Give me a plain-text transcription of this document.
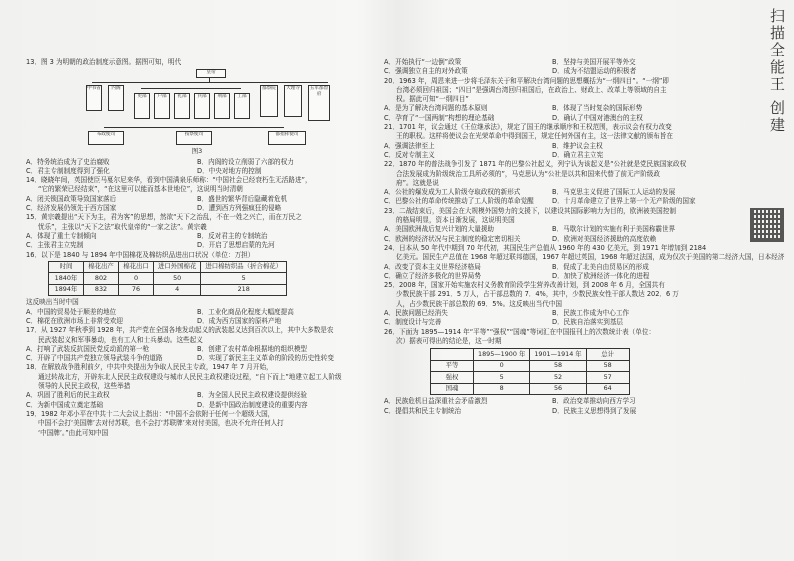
13．图 3 为明朝的政治制度示意图。据图可知，明代
皇帝
中书省	内阁
吏部	户部	礼部	兵部	刑部	工部
都察院	大理寺	五军都督府
布政使司	按察使司	都指挥使司
图3
A．特务统治成为了史治腐败	B．内阁的设立削弱了六部的权力
C．君主专制制度得到了强化	D．中央对地方的控制
14．晓晓年间，英国使臣马戛尔尼来华，看到中国满泉乐师称：“中国社会已经衰朽生无活路进”，
“它的繁荣已经结束”，“在这里可以能而基本世地位”，这说明当时清朝
A．闭关锁国政策导致国家落后	B．盛世的繁华背后隐藏着危机
C．经济发展仍领先于西方国家	D．遭到西方列强疯狂的侵略
15．黄宗羲提出“天下为主，君为客”的思想，然欲“天下之治乱，不在一姓之兴亡，而在万民之
忧乐”，主张以“天下之法”取代皇帝的“一家之法”。黄宗羲
A．体现了重土专制倾向	B．反对君主的专制统治
C．主张君主立宪制	D．开启了思想启蒙的先河
16．以下是 1840 与 1894 年中国棉花及棉纺织品进出口状况（单位：万担）
时间	棉花出产	棉花出口	进口外国棉花	进口棉纺织品（折合棉花）
1840年	802	0	50	5
1894年	832	76	4	218
这反映出当时中国
A．中国的贸易处于顺差的地位	B．工业化商品化程度大幅度提高
C．棉花在欧洲市场上非常受欢迎	D．成为西方国家的原料产地
17．从 1927 年秋季到 1928 年，共产党在全国各地发动起义的武装起义达到百次以上，其中大多数是农
民武装起义和军事暴动，也有工人和士兵暴动。这些起义
A．打响了武装反抗国民党反动派的第一枪	B．创建了农村革命根据地的组织模型
C．开辟了中国共产党独立领导武装斗争的道路	D．实现了新民主主义革命的阶段的历史性转变
18．在解放战争胜利前夕，中共中央提出为争取人民民主专政，1947 年 7 月开始，
通过转战北方，开辟东北人民民主政权建设与城市人民民主政权建设过程，“自下而上”地建立起工人阶级
领导的人民民主政权，这些举措
A．巩固了胜利后的民主政权	B．为全国人民民主政权建设提供经验
C．为新中国成立奠定基础	D．是新中国政治制度建设的重要内容
19．1982 年邓小平在中共十二大会议上指出：“中国不会依附于任何一个超级大国，
中国不会打‘美国牌’去对付苏联，也不会打‘苏联牌’来对付美国，也决不允许任何人打
‘中国牌’。”由此可知中国
A．开始执行“一边倒”政策	B．坚持与美国开展平等外交
C．强调独立自主的对外政策	D．成为不结盟运动的积极者
20．1963 年，周恩来进一步将毛泽东关于和平解决台湾问题的思想概括为“一纲四目”。“一纲”即
台湾必须回归祖国；“四目”是强调台湾回归祖国后，在政治上、财政上、改革上等领域的自主
权。据此可知“一纲四目”
A．是为了解决台湾问题的基本原则	B．体现了当时复杂的国际形势
C．孕育了“一国两制”构想的理论基础	D．确认了中国对港澳台的主权
21．1701 年，议会通过《王位继承法》，规定了国王的继承顺序和王权范围，表示议会有权力改变
王的职权。这样将使议会在光荣革命中得到国王，规定任何外国有主，这一法律文献的颁布旨在
A．强调法律至上	B．维护议会主权
C．反对专制主义	D．确立君主立宪
22．1870 年的普法战争引发了 1871 年的巴黎公社起义，列宁认为该起义是“公社就是党民族国家政权
合法发展成为阶级统治工具所必须的”，马克思认为“公社是以共和国来代替了前无产阶级政
府”。这就是说
A．公社的爆发成为工人阶级夺取政权的新形式	B．马克思主义促进了国际工人运动的发展
C．巴黎公社的革命传统推动了工人阶级的革命觉醒	D．十月革命建立了世界上第一个无产阶级的国家
23．二战结束后，美国会在大规模外国势力的支援下，以建设其国际影响力为目的，欧洲被美国控制
的格局明显，资本日渐发展，这说明美国
A．美国欧洲战后复兴计划的大量援助	B．马歇尔计划的实施有利于美国称霸世界
C．欧洲的经济状况与民主制度的稳定密切相关	D．欧洲对美国经济援助的高度依赖
24．日本从 50 年代中期到 70 年代初，其国民生产总值从 1960 年的 430 亿美元，到 1971 年增加到 2184
亿美元。国民生产总值在 1968 年超过联邦德国，1967 年超过英国，1968 年超过法国，成为仅次于美国的第二经济大国，日本经济
A．改变了资本主义世界经济格局	B．促成了北美自由贸易区的形成
C．确立了经济多极化的世界局势	D．加快了欧洲经济一体化的进程
25．2008 年，国家开始实施农村义务教育阶段学生营养改善计划，到 2008 年 6 月，全国共有
少数民族干部 291．5 万人，占干部总数的 7．4%，其中，少数民族女性干部人数达 202．6 万
人，占少数民族干部总数的 69．5%。这反映出当代中国
A．民族问题已经消失	B．民族工作成为中心工作
C．制度设计与完善	D．民族自治落实到基层
26．下面为 1895—1914 年“平等”“强权”“国魂”等词汇在中国报刊上的次数统计表（单位：
次）据表可得出的结论是，这一时期
	1895—1900 年	1901—1914 年	总计
平等	0	58	58
强权	5	52	57
国魂	8	56	64
A．民族危机日益深重社会矛盾激烈	B．政治变革推动向西方学习
C．提倡共和民主专制统治	D．民族主义思想得到了发展
扫描全能王 创建
